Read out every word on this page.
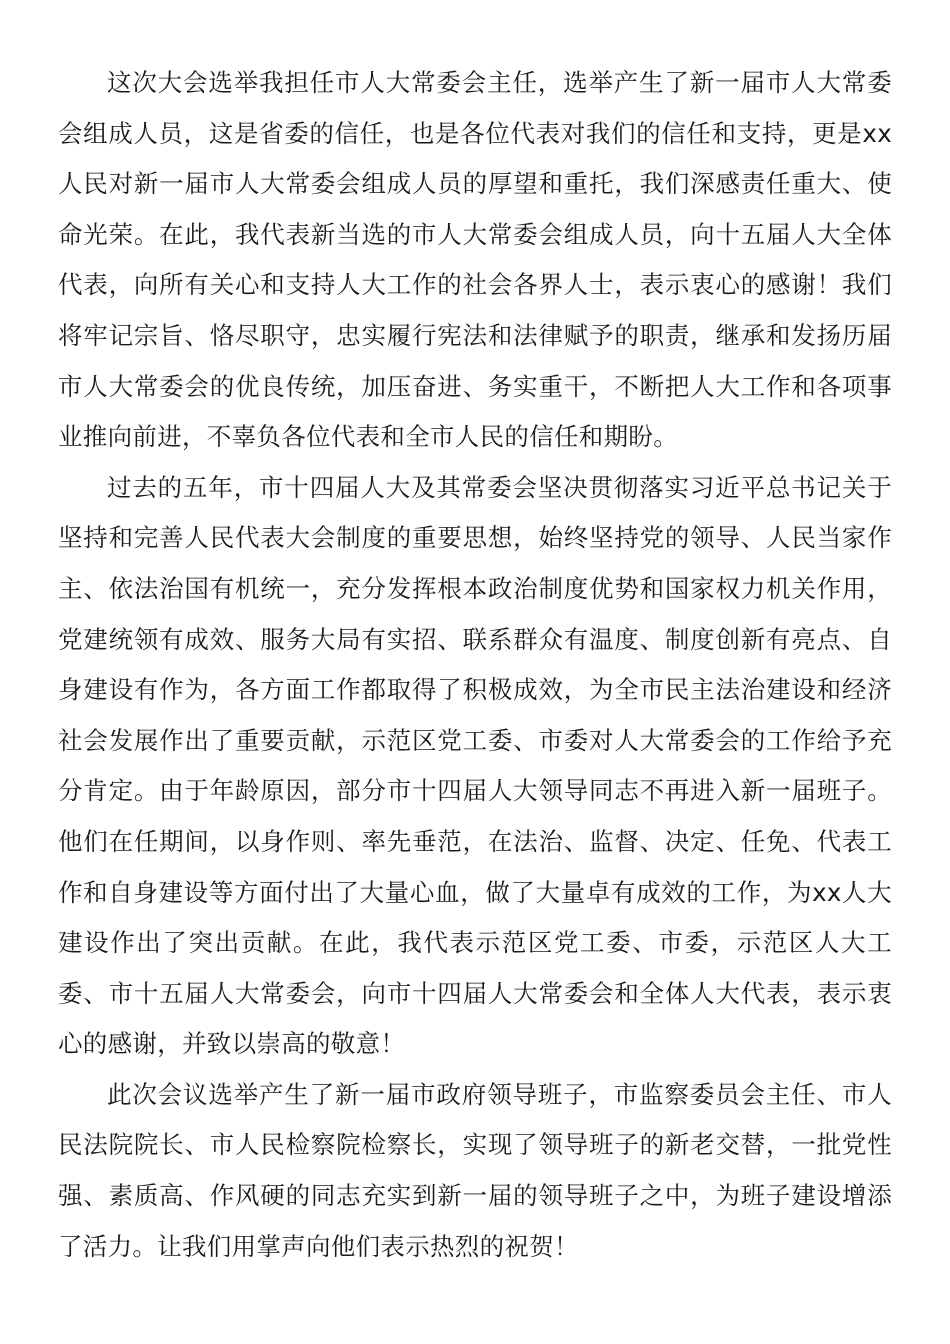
这次大会选举我担任市人大常委会主任，选举产生了新一届市人大常委会组成人员，这是省委的信任，也是各位代表对我们的信任和支持，更是xx人民对新一届市人大常委会组成人员的厚望和重托，我们深感责任重大、使命光荣。在此，我代表新当选的市人大常委会组成人员，向十五届人大全体代表，向所有关心和支持人大工作的社会各界人士，表示衷心的感谢！我们将牢记宗旨、恪尽职守，忠实履行宪法和法律赋予的职责，继承和发扬历届市人大常委会的优良传统，加压奋进、务实重干，不断把人大工作和各项事业推向前进，不辜负各位代表和全市人民的信任和期盼。

过去的五年，市十四届人大及其常委会坚决贯彻落实习近平总书记关于坚持和完善人民代表大会制度的重要思想，始终坚持党的领导、人民当家作主、依法治国有机统一，充分发挥根本政治制度优势和国家权力机关作用，党建统领有成效、服务大局有实招、联系群众有温度、制度创新有亮点、自身建设有作为，各方面工作都取得了积极成效，为全市民主法治建设和经济社会发展作出了重要贡献，示范区党工委、市委对人大常委会的工作给予充分肯定。由于年龄原因，部分市十四届人大领导同志不再进入新一届班子。他们在任期间，以身作则、率先垂范，在法治、监督、决定、任免、代表工作和自身建设等方面付出了大量心血，做了大量卓有成效的工作，为xx人大建设作出了突出贡献。在此，我代表示范区党工委、市委，示范区人大工委、市十五届人大常委会，向市十四届人大常委会和全体人大代表，表示衷心的感谢，并致以崇高的敬意！

此次会议选举产生了新一届市政府领导班子，市监察委员会主任、市人民法院院长、市人民检察院检察长，实现了领导班子的新老交替，一批党性强、素质高、作风硬的同志充实到新一届的领导班子之中，为班子建设增添了活力。让我们用掌声向他们表示热烈的祝贺！
